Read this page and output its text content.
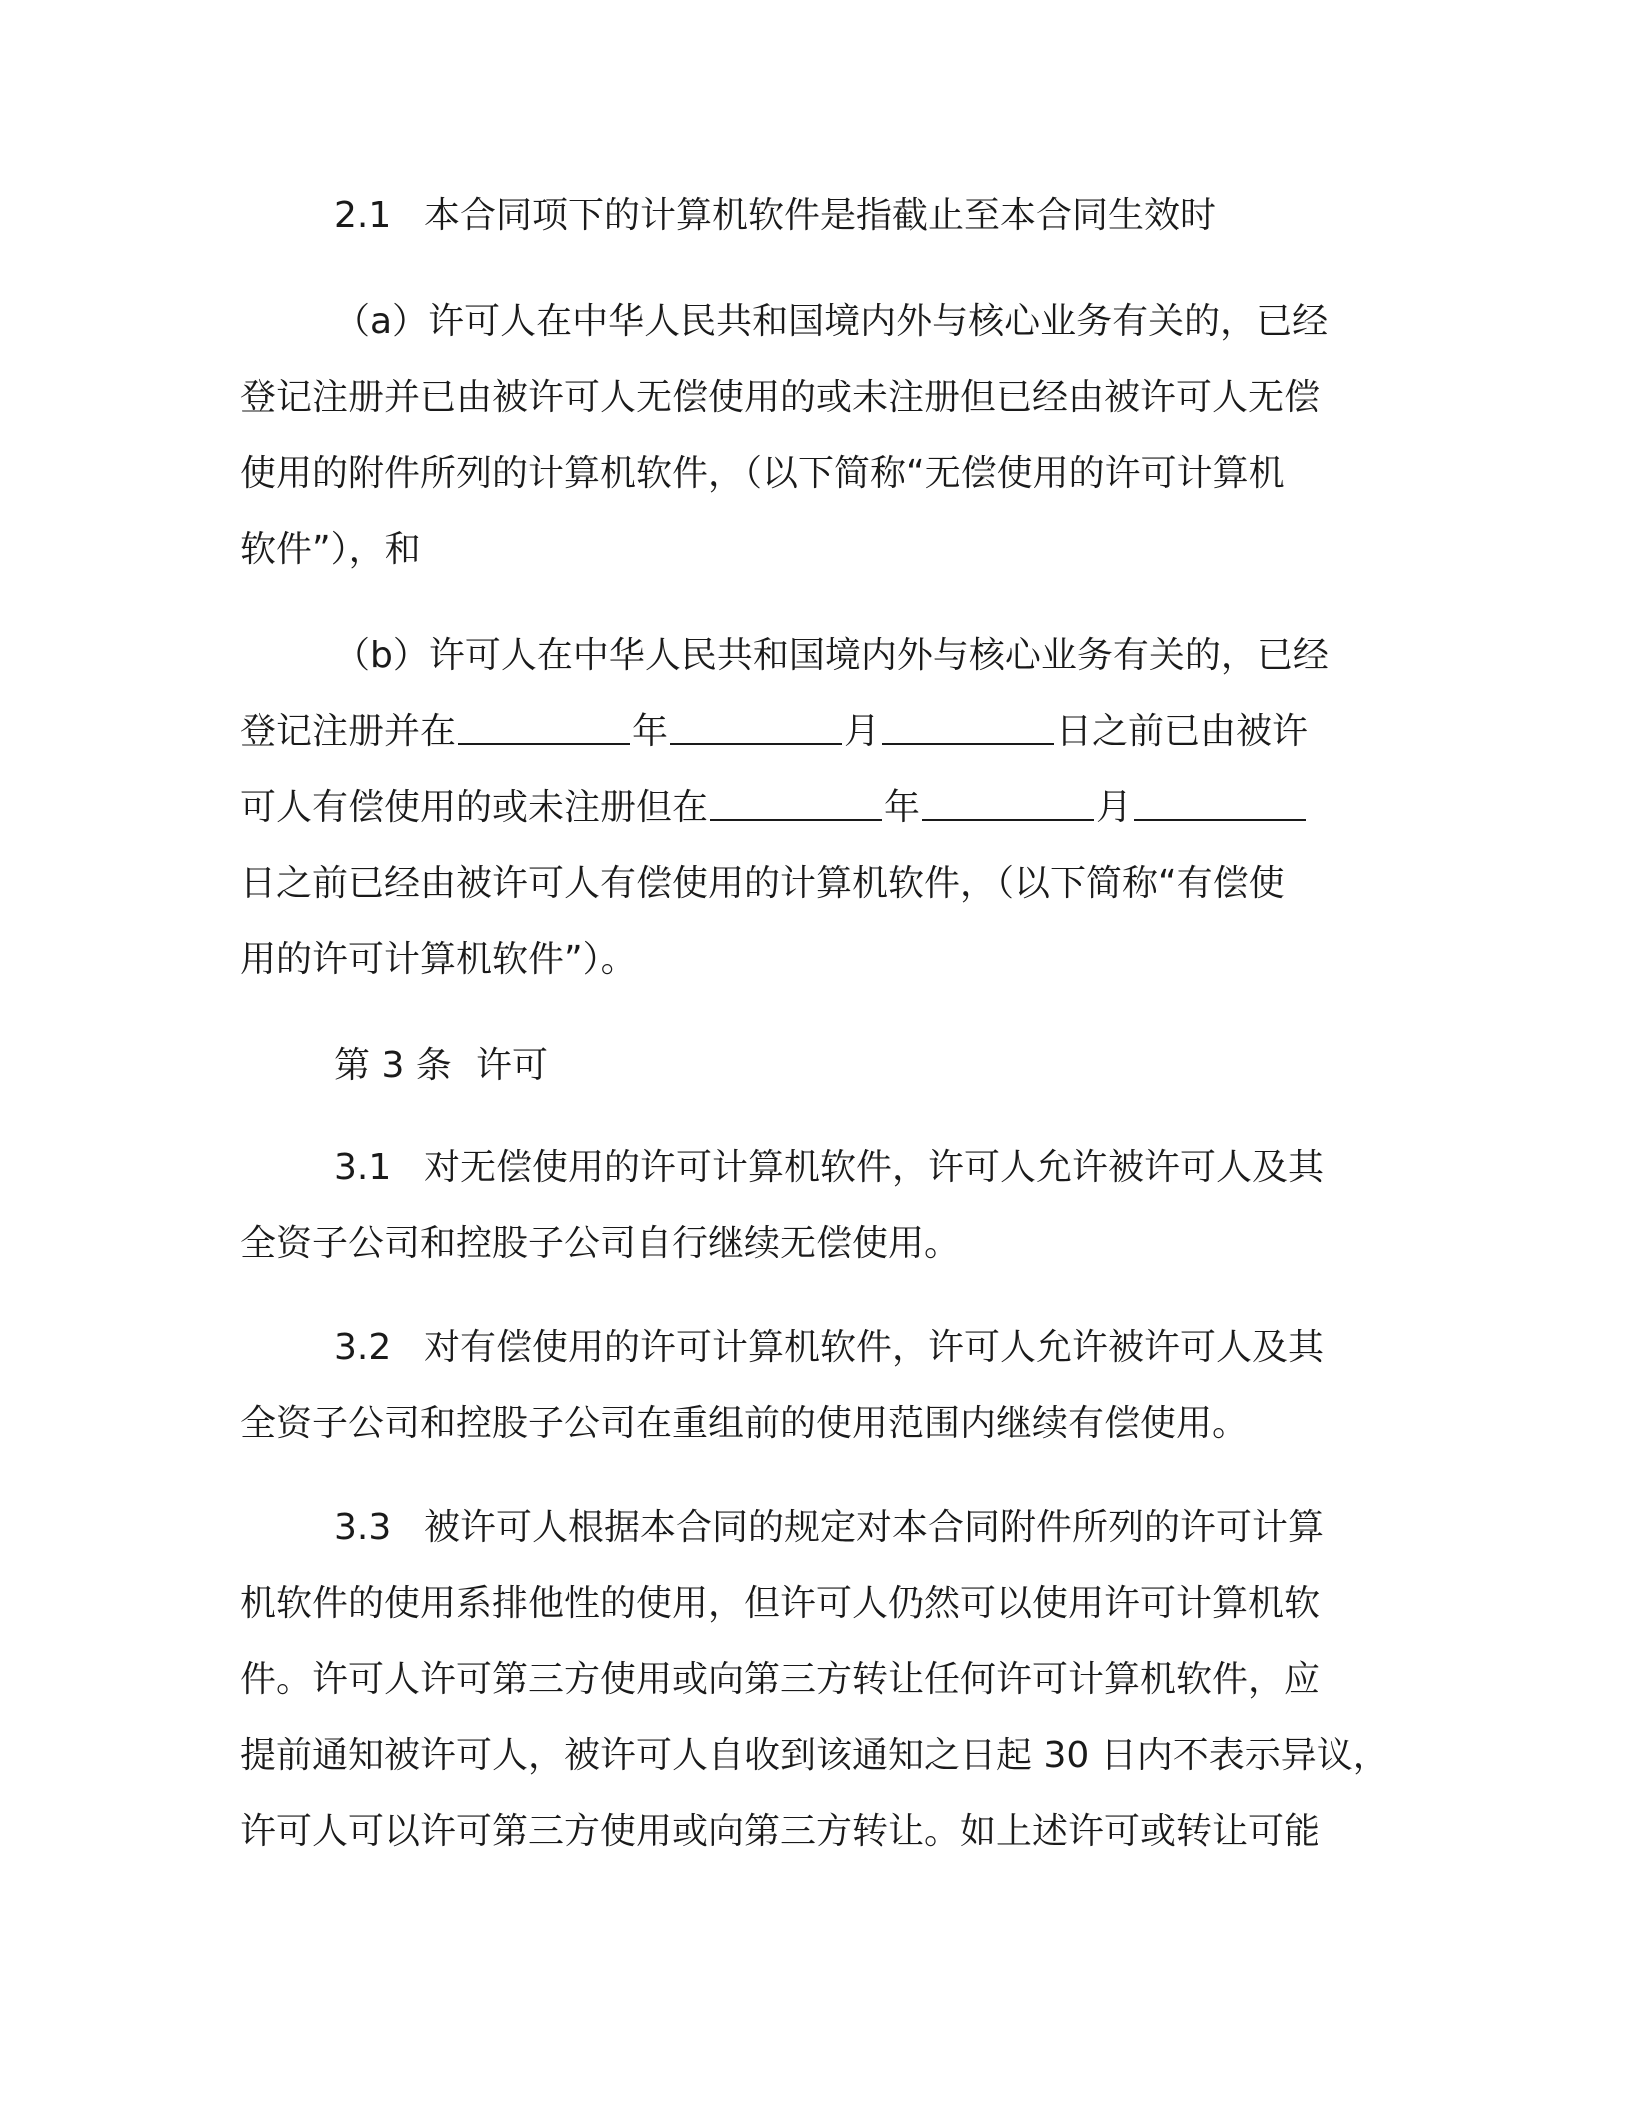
2.1 本合同项下的计算机软件是指截止至本合同生效时
（a）许可人在中华人民共和国境内外与核心业务有关的，已经
登记注册并已由被许可人无偿使用的或未注册但已经由被许可人无偿
使用的附件所列的计算机软件，（以下简称“无偿使用的许可计算机
软件”），和
（b）许可人在中华人民共和国境内外与核心业务有关的，已经
登记注册并在	年	月	日之前已由被许
可人有偿使用的或未注册但在	年	月
日之前已经由被许可人有偿使用的计算机软件，（以下简称“有偿使
用的许可计算机软件”）。
第 3 条 许可
3.1 对无偿使用的许可计算机软件，许可人允许被许可人及其
全资子公司和控股子公司自行继续无偿使用。
3.2 对有偿使用的许可计算机软件，许可人允许被许可人及其
全资子公司和控股子公司在重组前的使用范围内继续有偿使用。
3.3 被许可人根据本合同的规定对本合同附件所列的许可计算
机软件的使用系排他性的使用，但许可人仍然可以使用许可计算机软
件。许可人许可第三方使用或向第三方转让任何许可计算机软件，应
提前通知被许可人，被许可人自收到该通知之日起 30 日内不表示异议，
许可人可以许可第三方使用或向第三方转让。如上述许可或转让可能
